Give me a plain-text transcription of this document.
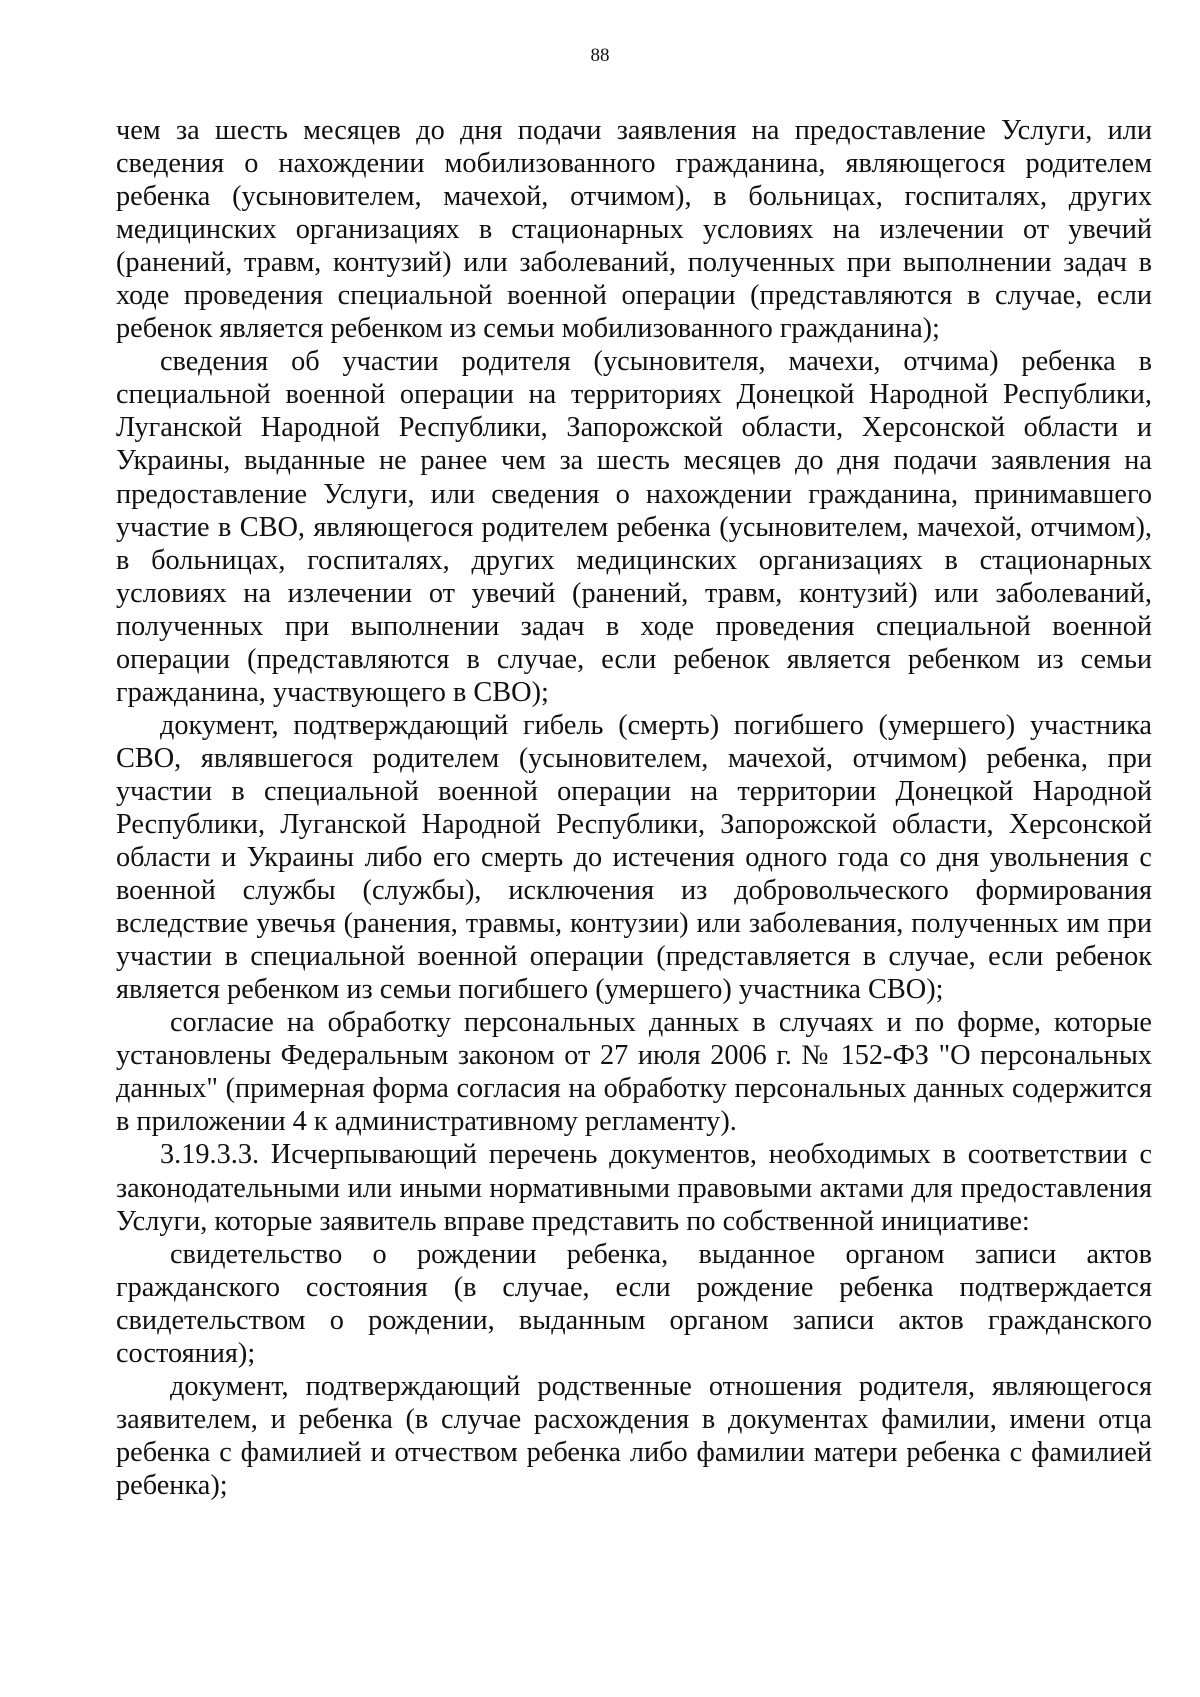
88

чем за шесть месяцев до дня подачи заявления на предоставление Услуги, или сведения о нахождении мобилизованного гражданина, являющегося родителем ребенка (усыновителем, мачехой, отчимом), в больницах, госпиталях, других медицинских организациях в стационарных условиях на излечении от увечий (ранений, травм, контузий) или заболеваний, полученных при выполнении задач в ходе проведения специальной военной операции (представляются в случае, если ребенок является ребенком из семьи мобилизованного гражданина);

сведения об участии родителя (усыновителя, мачехи, отчима) ребенка в специальной военной операции на территориях Донецкой Народной Республики, Луганской Народной Республики, Запорожской области, Херсонской области и Украины, выданные не ранее чем за шесть месяцев до дня подачи заявления на предоставление Услуги, или сведения о нахождении гражданина, принимавшего участие в СВО, являющегося родителем ребенка (усыновителем, мачехой, отчимом), в больницах, госпиталях, других медицинских организациях в стационарных условиях на излечении от увечий (ранений, травм, контузий) или заболеваний, полученных при выполнении задач в ходе проведения специальной военной операции (представляются в случае, если ребенок является ребенком из семьи гражданина, участвующего в СВО);

документ, подтверждающий гибель (смерть) погибшего (умершего) участника СВО, являвшегося родителем (усыновителем, мачехой, отчимом) ребенка, при участии в специальной военной операции на территории Донецкой Народной Республики, Луганской Народной Республики, Запорожской области, Херсонской области и Украины либо его смерть до истечения одного года со дня увольнения с военной службы (службы), исключения из добровольческого формирования вследствие увечья (ранения, травмы, контузии) или заболевания, полученных им при участии в специальной военной операции (представляется в случае, если ребенок является ребенком из семьи погибшего (умершего) участника СВО);

согласие на обработку персональных данных в случаях и по форме, которые установлены Федеральным законом от 27 июля 2006 г. № 152-ФЗ "О персональных данных" (примерная форма согласия на обработку персональных данных содержится в приложении 4 к административному регламенту).

3.19.3.3. Исчерпывающий перечень документов, необходимых в соответствии с законодательными или иными нормативными правовыми актами для предоставления Услуги, которые заявитель вправе представить по собственной инициативе:

свидетельство о рождении ребенка, выданное органом записи актов гражданского состояния (в случае, если рождение ребенка подтверждается свидетельством о рождении, выданным органом записи актов гражданского состояния);

документ, подтверждающий родственные отношения родителя, являющегося заявителем, и ребенка (в случае расхождения в документах фамилии, имени отца ребенка с фамилией и отчеством ребенка либо фамилии матери ребенка с фамилией ребенка);
